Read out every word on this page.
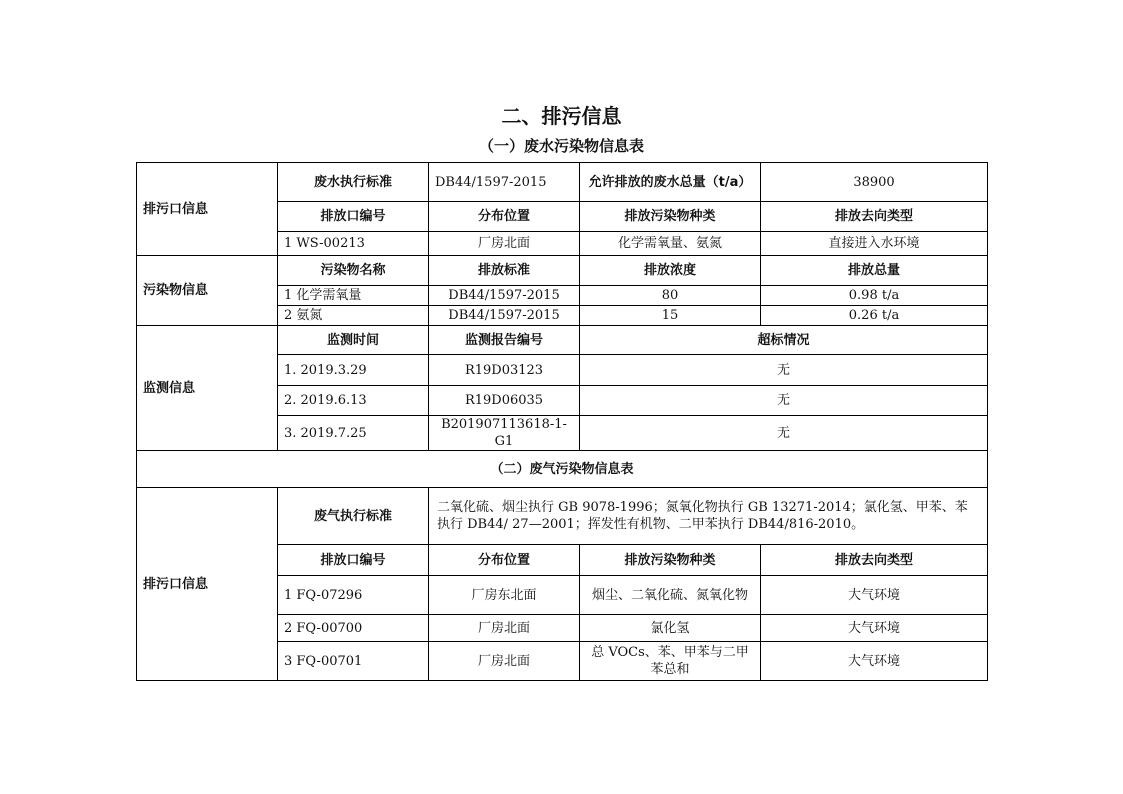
二、排污信息
（一）废水污染物信息表
排污口信息	废水执行标准	DB44/1597-2015	允许排放的废水总量（t/a）	38900
	排放口编号	分布位置	排放污染物种类	排放去向类型
	1 WS-00213	厂房北面	化学需氧量、氨氮	直接进入水环境
污染物信息	污染物名称	排放标准	排放浓度	排放总量
	1 化学需氧量	DB44/1597-2015	80	0.98 t/a
	2 氨氮	DB44/1597-2015	15	0.26 t/a
监测信息	监测时间	监测报告编号	超标情况	
	1. 2019.3.29	R19D03123	无	
	2. 2019.6.13	R19D06035	无	
	3. 2019.7.25	B201907113618-1-G1	无	
（二）废气污染物信息表				
排污口信息	废气执行标准	二氧化硫、烟尘执行 GB 9078-1996；氮氧化物执行 GB 13271-2014；氯化氢、甲苯、苯执行 DB44/ 27—2001；挥发性有机物、二甲苯执行 DB44/816-2010。		
	排放口编号	分布位置	排放污染物种类	排放去向类型
	1 FQ-07296	厂房东北面	烟尘、二氧化硫、氮氧化物	大气环境
	2 FQ-00700	厂房北面	氯化氢	大气环境
	3 FQ-00701	厂房北面	总 VOCs、苯、甲苯与二甲苯总和	大气环境
